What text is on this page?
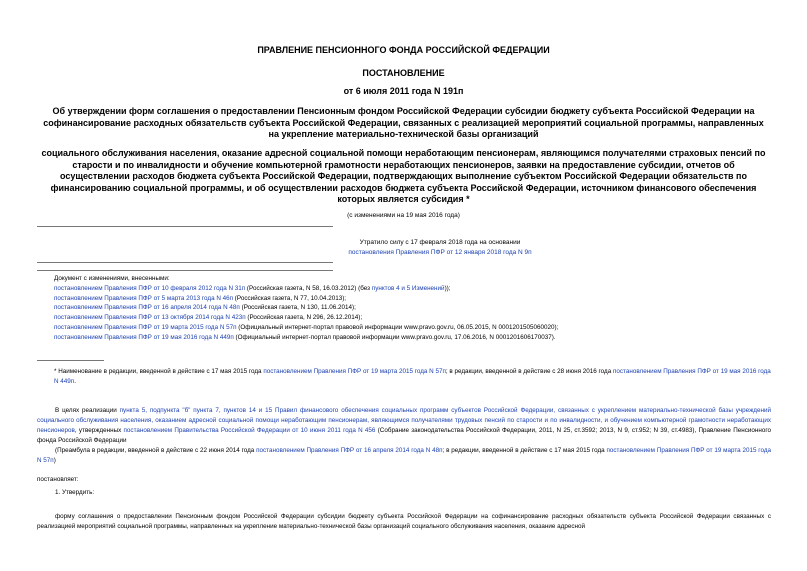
ПРАВЛЕНИЕ ПЕНСИОННОГО ФОНДА РОССИЙСКОЙ ФЕДЕРАЦИИ
ПОСТАНОВЛЕНИЕ
от 6 июля 2011 года N 191п
Об утверждении форм соглашения о предоставлении Пенсионным фондом Российской Федерации субсидии бюджету субъекта Российской Федерации на софинансирование расходных обязательств субъекта Российской Федерации, связанных с реализацией мероприятий социальной программы, направленных на укрепление материально-технической базы организаций
социального обслуживания населения, оказание адресной социальной помощи неработающим пенсионерам, являющимся получателями страховых пенсий по старости и по инвалидности и обучение компьютерной грамотности неработающих пенсионеров, заявки на предоставление субсидии, отчетов об осуществлении расходов бюджета субъекта Российской Федерации, подтверждающих выполнение субъектом Российской Федерации обязательств по финансированию социальной программы, и об осуществлении расходов бюджета субъекта Российской Федерации, источником финансового обеспечения которых является субсидия *
(с изменениями на 19 мая 2016 года)
Утратило силу с 17 февраля 2018 года на основании
постановления Правления ПФР от 12 января 2018 года N 9п
Документ с изменениями, внесенными:
постановлением Правления ПФР от 10 февраля 2012 года N 31п (Российская газета, N 58, 16.03.2012) (без пунктов 4 и 5 Изменений));
постановлением Правления ПФР от 5 марта 2013 года N 46п (Российская газета, N 77, 10.04.2013);
постановлением Правления ПФР от 16 апреля 2014 года N 48п (Российская газета, N 130, 11.06.2014);
постановлением Правления ПФР от 13 октября 2014 года N 423п (Российская газета, N 296, 26.12.2014);
постановлением Правления ПФР от 19 марта 2015 года N 57п (Официальный интернет-портал правовой информации www.pravo.gov.ru, 06.05.2015, N 0001201505060020);
постановлением Правления ПФР от 19 мая 2016 года N 449п (Официальный интернет-портал правовой информации www.pravo.gov.ru, 17.06.2016, N 0001201606170037).
* Наименование в редакции, введенной в действие с 17 мая 2015 года постановлением Правления ПФР от 19 марта 2015 года N 57п; в редакции, введенной в действие с 28 июня 2016 года постановлением Правления ПФР от 19 мая 2016 года N 449п.
В целях реализации пункта 5, подпункта "б" пункта 7, пунктов 14 и 15 Правил финансового обеспечения социальных программ субъектов Российской Федерации, связанных с укреплением материально-технической базы учреждений социального обслуживания населения, оказанием адресной социальной помощи неработающим пенсионерам, являющимся получателями трудовых пенсий по старости и по инвалидности, и обучением компьютерной грамотности неработающих пенсионеров, утвержденных постановлением Правительства Российской Федерации от 10 июня 2011 года N 456 (Собрание законодательства Российской Федерации, 2011, N 25, ст.3592; 2013, N 9, ст.952; N 39, ст.4983), Правление Пенсионного фонда Российской Федерации
(Преамбула в редакции, введенной в действие с 22 июня 2014 года постановлением Правления ПФР от 16 апреля 2014 года N 48п; в редакции, введенной в действие с 17 мая 2015 года постановлением Правления ПФР от 19 марта 2015 года N 57п)
постановляет:
1. Утвердить:
форму соглашения о предоставлении Пенсионным фондом Российской Федерации субсидии бюджету субъекта Российской Федерации на софинансирование расходных обязательств субъекта Российской Федерации связанных с реализацией мероприятий социальной программы, направленных на укрепление материально-технической базы организаций социального обслуживания населения, оказание адресной
